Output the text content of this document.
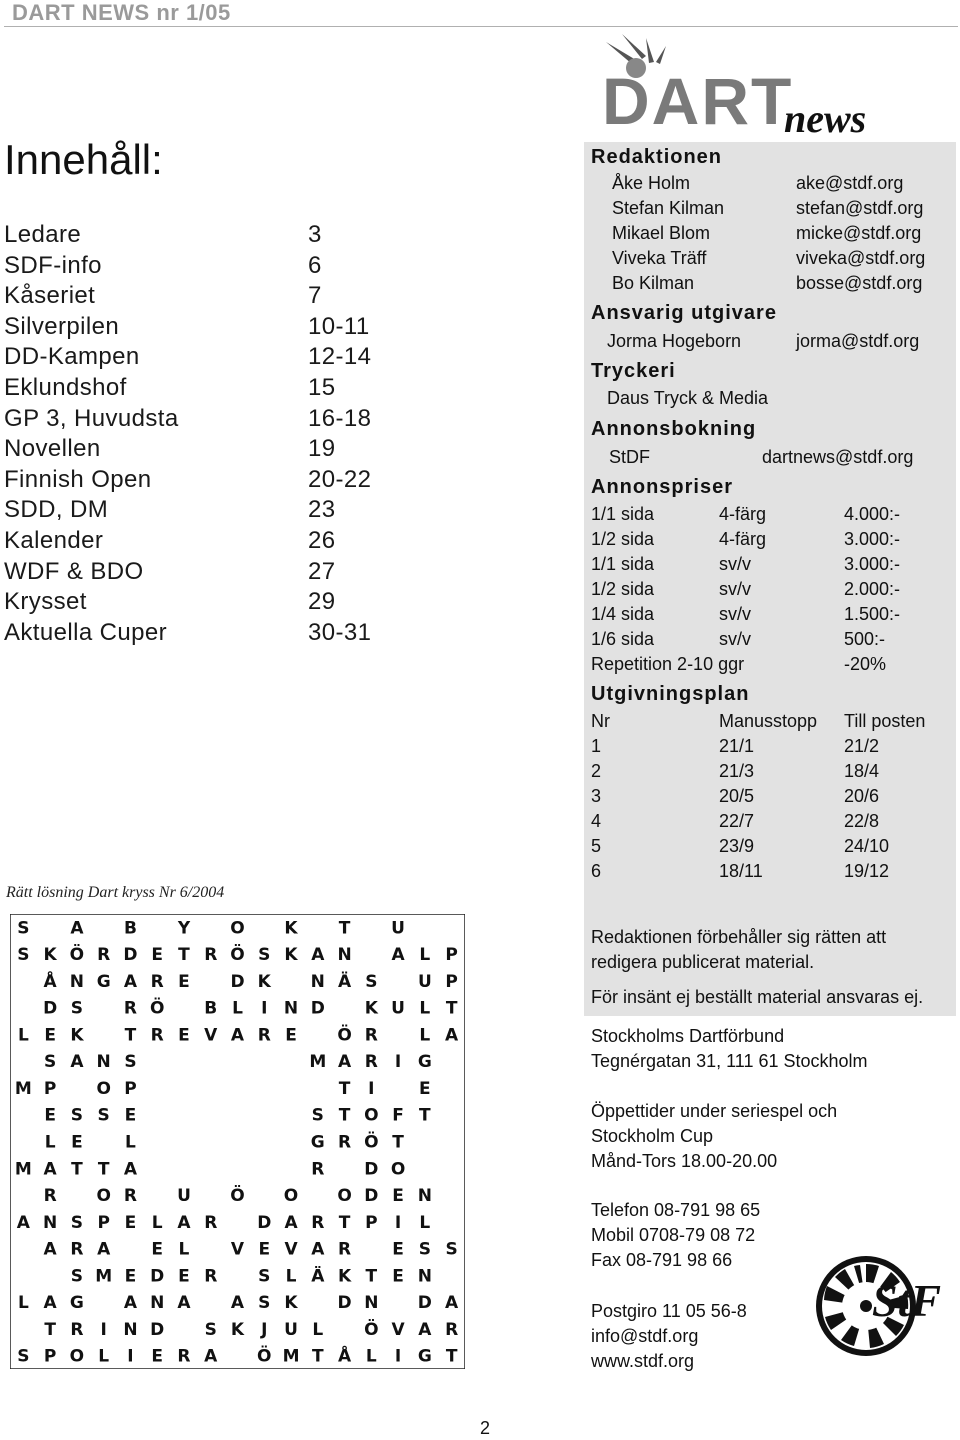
DART NEWS nr 1/05
Innehåll:
Ledare	3
SDF-info	6
Kåseriet	7
Silverpilen	10-11
DD-Kampen	12-14
Eklundshof	15
GP 3, Huvudsta	16-18
Novellen	19
Finnish Open	20-22
SDD, DM	23
Kalender	26
WDF & BDO	27
Krysset	29
Aktuella Cuper	30-31
Rätt lösning Dart kryss Nr 6/2004
S A B Y O K T U
S K Ö R D E T R Ö S K A N A L P
Å N G A R E D K N Ä S U P
D S R Ö B L I N D K U L T
L E K T R E V A R E Ö R L A
S A N S	M A R I G
M P O P	T I	E
E S S E	S T O F T
L E L	G R Ö T
M A T T A	R D O
R O R U Ö O O D E N
A N S P E L A R D A R T P I L
A R A E L V E V A R E S S
S M E D E R S L Ä K T E N
L A G A N A A S K D N D A
T R I N D S K J U L Ö V A R
S P O L I E R A Ö M T Å L I G T
DART
news
Redaktionen
Åke Holm	ake@stdf.org
Stefan Kilman	stefan@stdf.org
Mikael Blom	micke@stdf.org
Viveka Träff	viveka@stdf.org
Bo Kilman	bosse@stdf.org
Ansvarig utgivare
Jorma Hogeborn	jorma@stdf.org
Tryckeri
Daus Tryck & Media
Annonsbokning
StDF	dartnews@stdf.org
Annonspriser
1/1 sida	4-färg	4.000:-
1/2 sida	4-färg	3.000:-
1/1 sida	sv/v	3.000:-
1/2 sida	sv/v	2.000:-
1/4 sida	sv/v	1.500:-
1/6 sida	sv/v	500:-
Repetition 2-10 ggr	-20%
Utgivningsplan
Nr	Manusstopp Till posten
1	21/1	21/2
2	21/3	18/4
3	20/5	20/6
4	22/7	22/8
5	23/9	24/10
6	18/11	19/12
Redaktionen förbehåller sig rätten att
redigera publicerat material.
För insänt ej beställt material ansvaras ej.
Stockholms Dartförbund
Tegnérgatan 31, 111 61 Stockholm
Öppettider under seriespel och
Stockholm Cup
Månd-Tors 18.00-20.00
Telefon 08-791 98 65
Mobil 0708-79 08 72
Fax 08-791 98 66
Postgiro 11 05 56-8
info@stdf.org
www.stdf.org
StF
2
